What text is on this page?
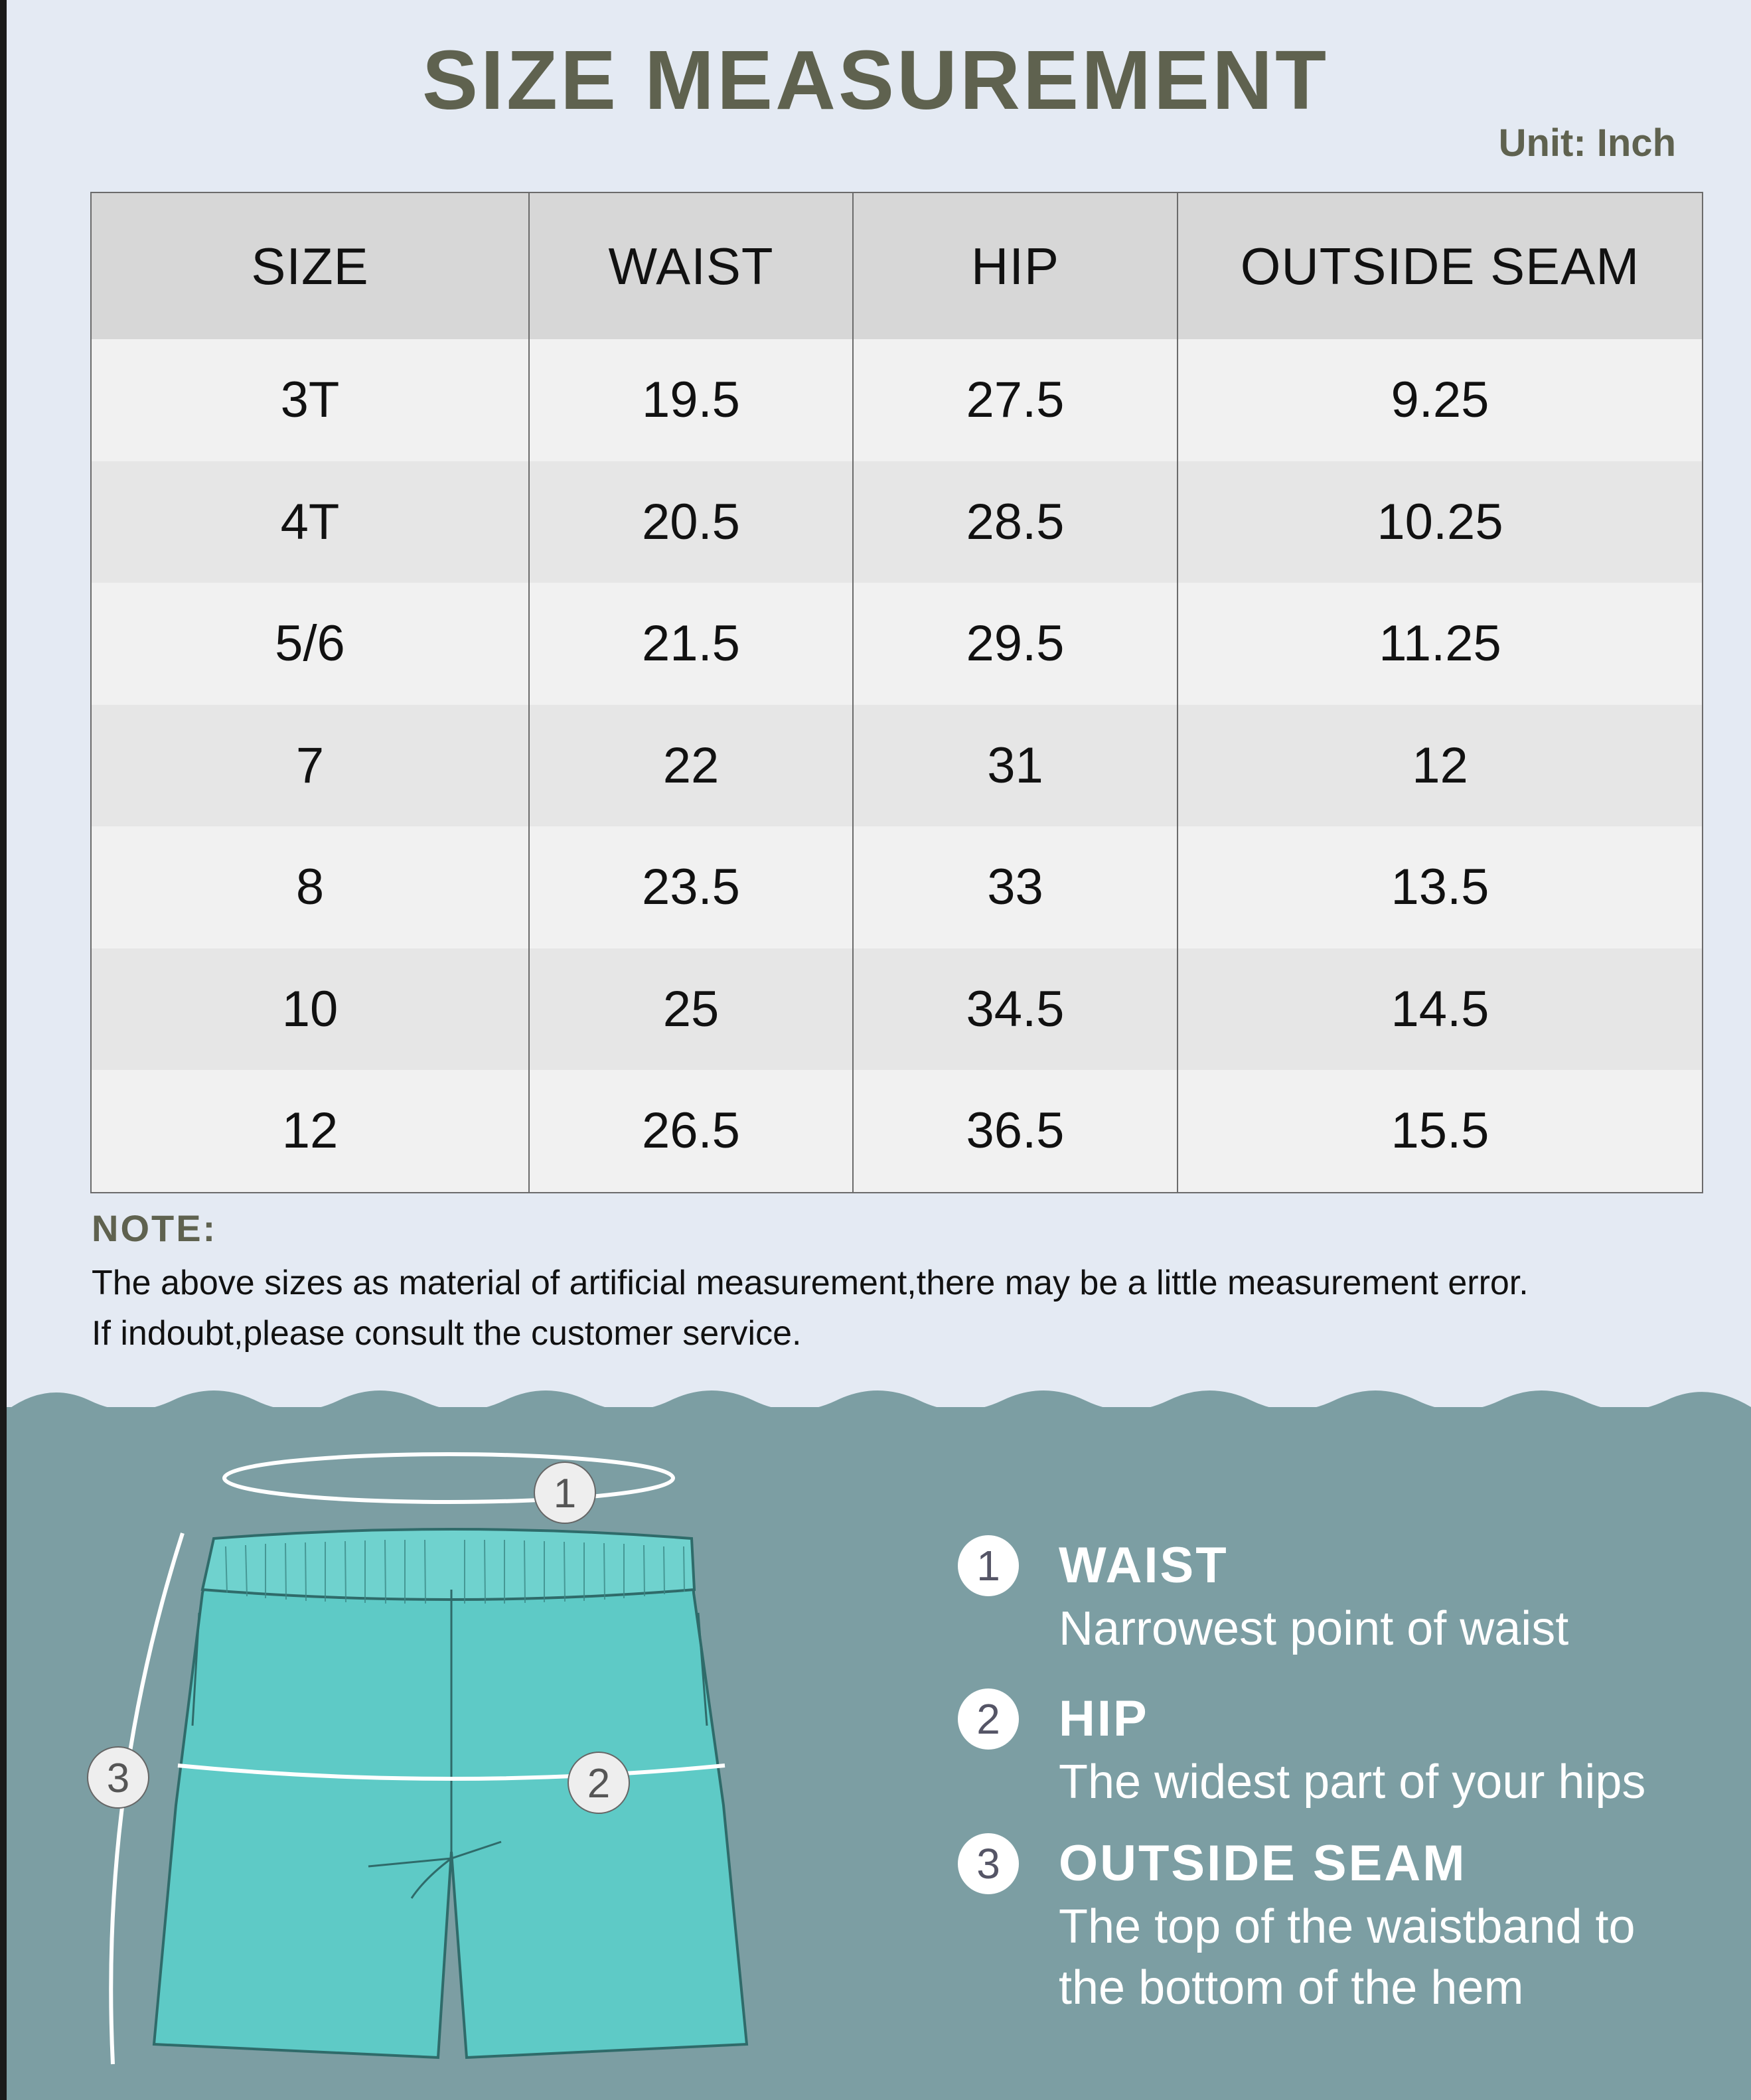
SIZE MEASUREMENT
Unit: Inch
SIZE	WAIST	HIP	OUTSIDE SEAM
3T	19.5	27.5	9.25
4T	20.5	28.5	10.25
5/6	21.5	29.5	11.25
7	22	31	12
8	23.5	33	13.5
10	25	34.5	14.5
12	26.5	36.5	15.5
NOTE:
The above sizes as material of artificial measurement,there may be a little measurement error.
If indoubt,please consult the customer service.
1
2
3
1	WAIST
Narrowest point of waist
2	HIP
The widest part of your hips
3	OUTSIDE SEAM
The top of the waistband to
the bottom of the hem
